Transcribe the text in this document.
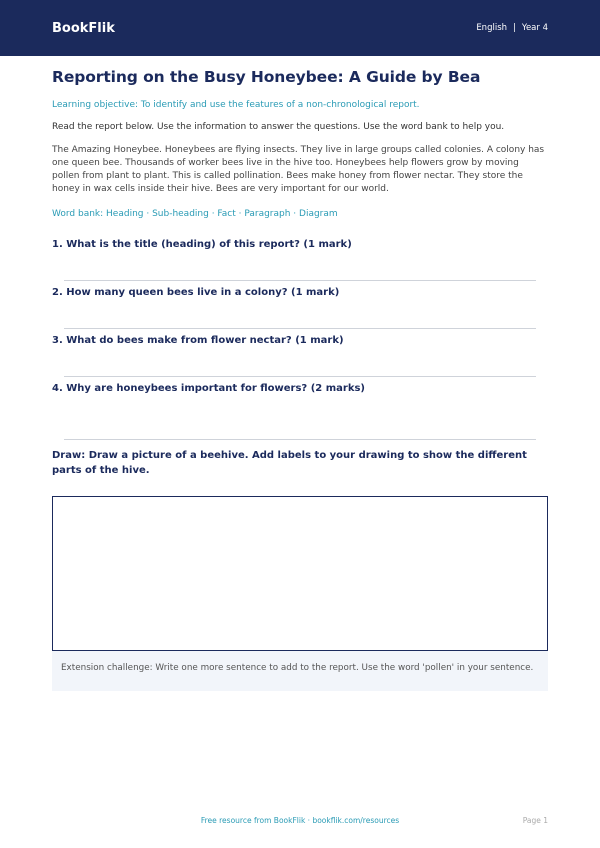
BookFlik	English | Year 4
Reporting on the Busy Honeybee: A Guide by Bea
Learning objective: To identify and use the features of a non-chronological report.
Read the report below. Use the information to answer the questions. Use the word bank to help you.
The Amazing Honeybee. Honeybees are flying insects. They live in large groups called colonies. A colony has one queen bee. Thousands of worker bees live in the hive too. Honeybees help flowers grow by moving pollen from plant to plant. This is called pollination. Bees make honey from flower nectar. They store the honey in wax cells inside their hive. Bees are very important for our world.
Word bank: Heading · Sub-heading · Fact · Paragraph · Diagram
1. What is the title (heading) of this report? (1 mark)
2. How many queen bees live in a colony? (1 mark)
3. What do bees make from flower nectar? (1 mark)
4. Why are honeybees important for flowers? (2 marks)
Draw: Draw a picture of a beehive. Add labels to your drawing to show the different parts of the hive.
Extension challenge: Write one more sentence to add to the report. Use the word 'pollen' in your sentence.
Free resource from BookFlik · bookflik.com/resources	Page 1
